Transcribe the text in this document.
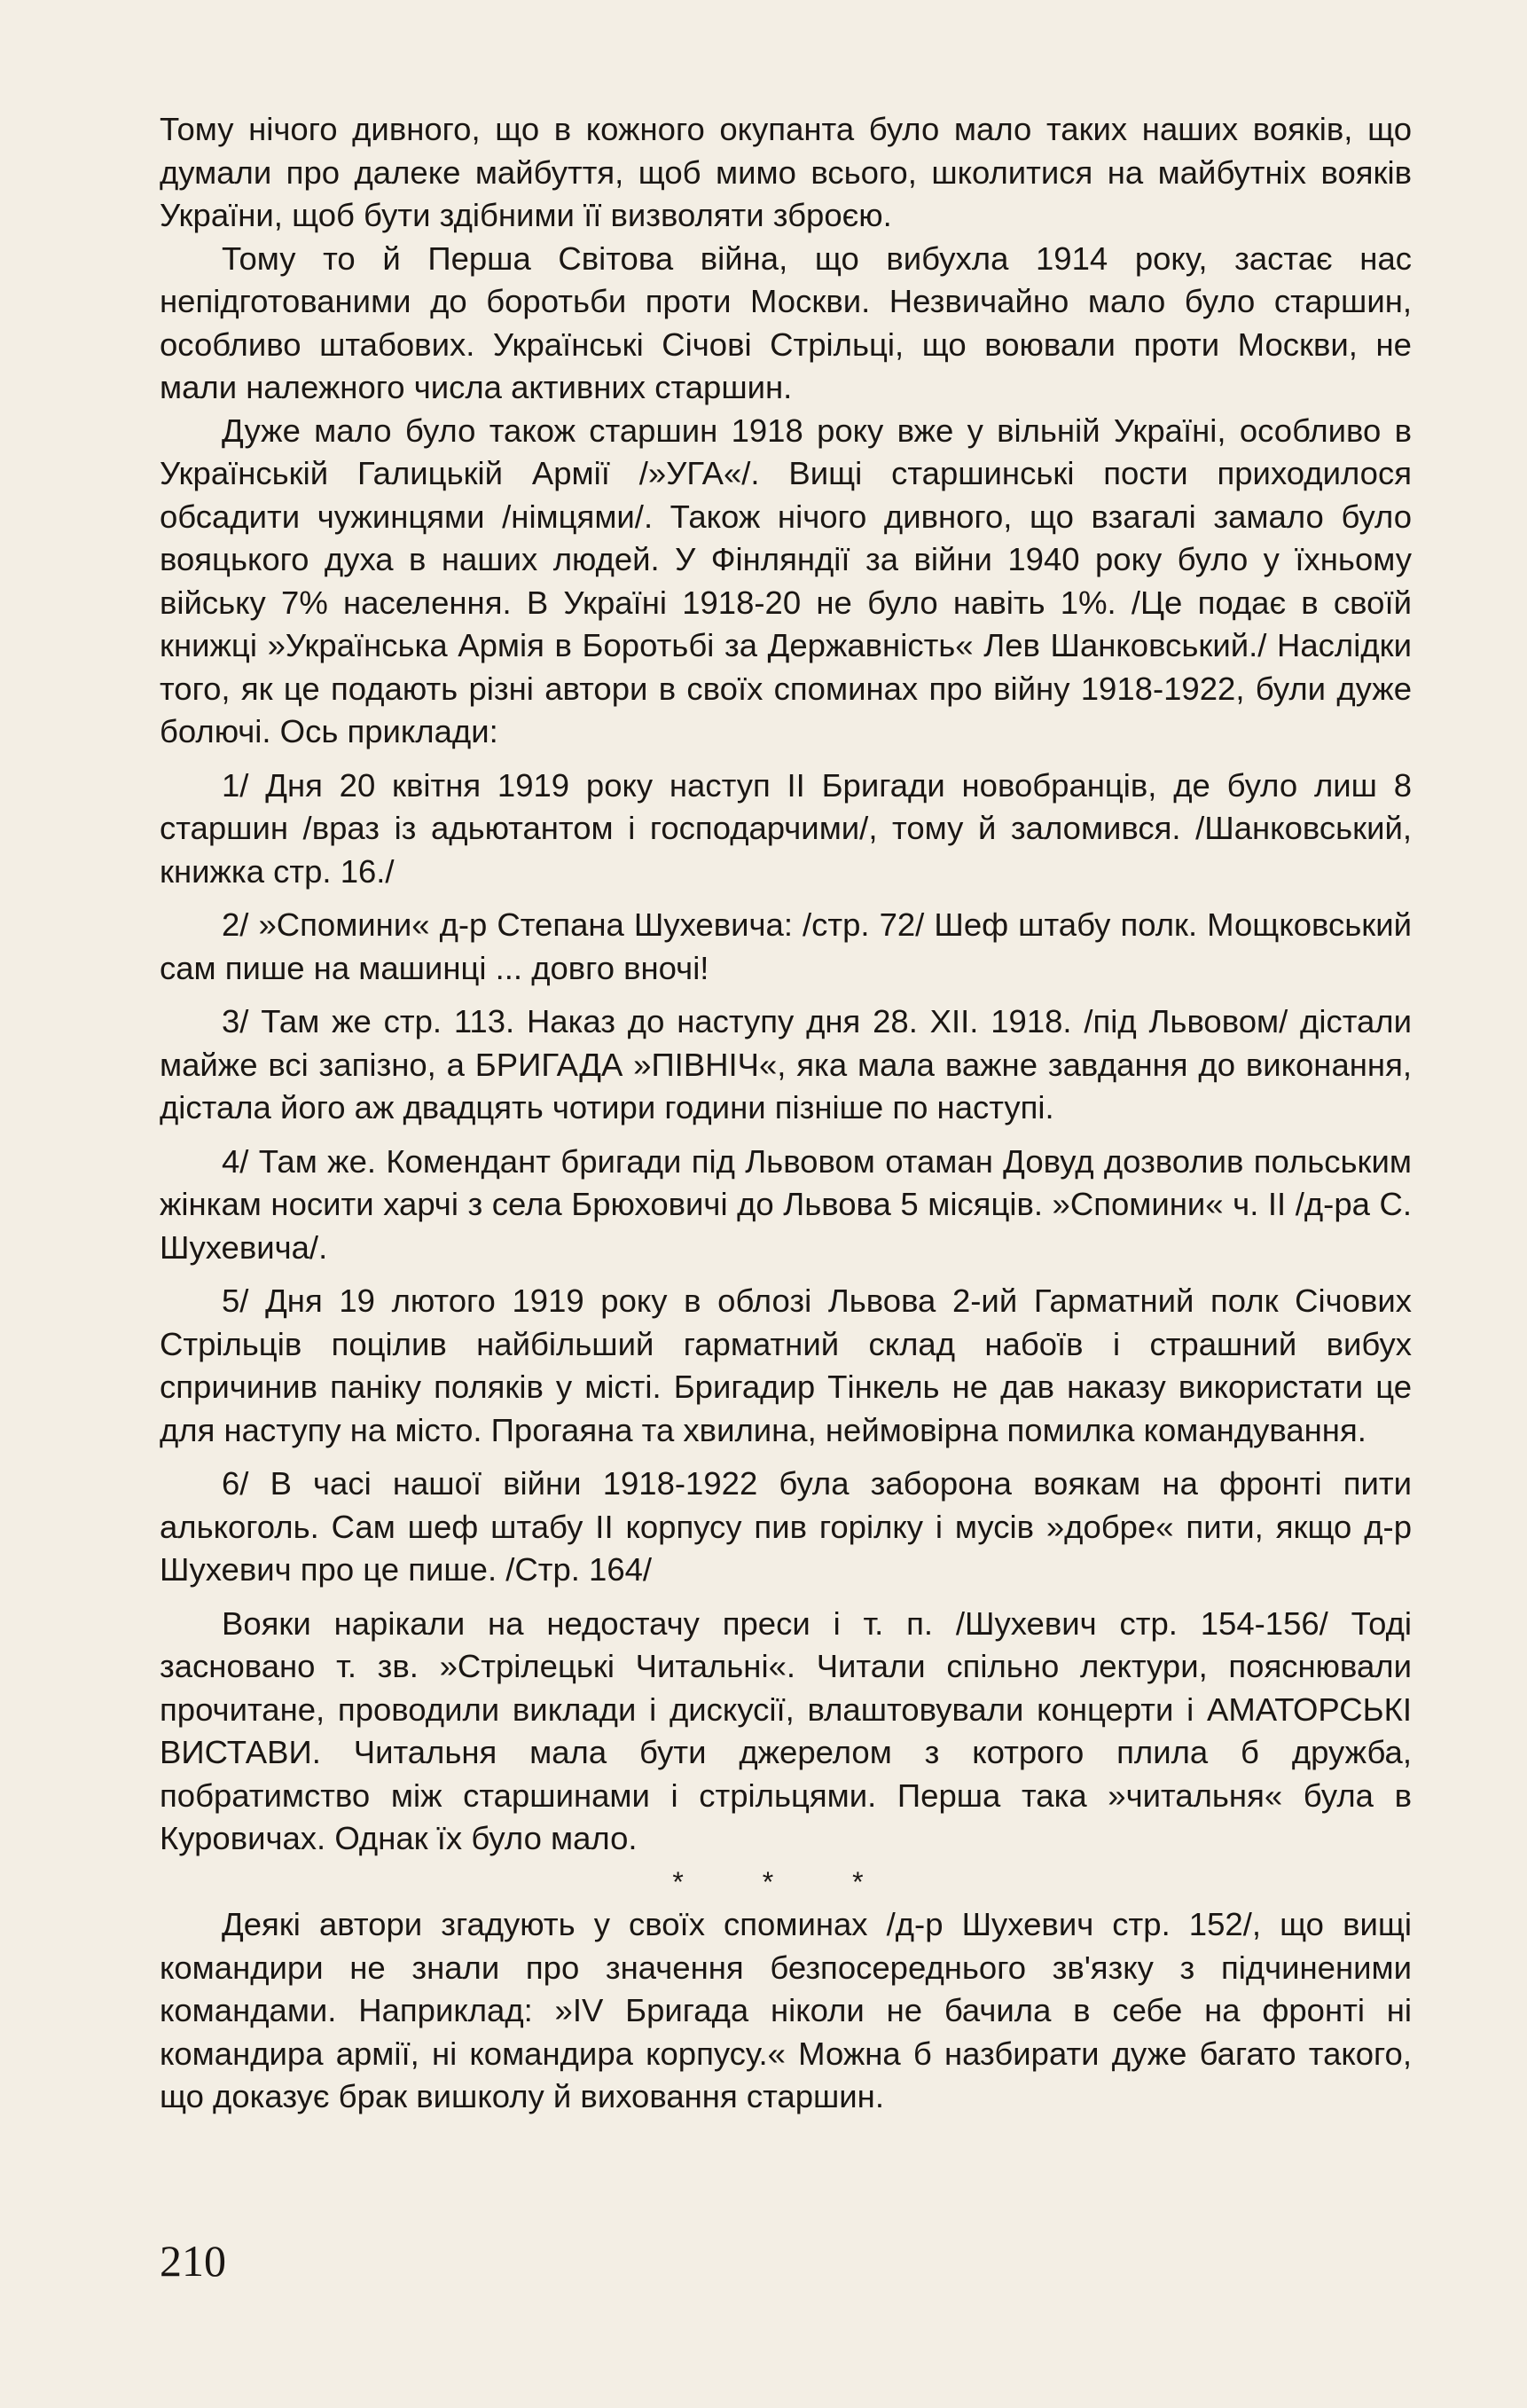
Тому нічого дивного, що в кожного окупанта було мало таких наших вояків, що думали про далеке майбуття, щоб мимо всього, школитися на майбутніх вояків України, щоб бути здібними її визволяти зброєю.

Тому то й Перша Світова війна, що вибухла 1914 року, застає нас непідготованими до боротьби проти Москви. Незвичайно мало було старшин, особливо штабових. Українські Січові Стрільці, що воювали проти Москви, не мали належного числа активних старшин.

Дуже мало було також старшин 1918 року вже у вільній Україні, особливо в Українській Галицькій Армії /»УГА«/. Вищі старшинські пости приходилося обсадити чужинцями /німцями/. Також нічого дивного, що взагалі замало було вояцького духа в наших людей. У Фінляндії за війни 1940 року було у їхньому війську 7% населення. В Україні 1918-20 не було навіть 1%. /Це подає в своїй книжці »Українська Армія в Боротьбі за Державність« Лев Шанковський./ Наслідки того, як це подають різні автори в своїх споминах про війну 1918-1922, були дуже болючі. Ось приклади:

1/ Дня 20 квітня 1919 року наступ ІІ Бригади новобранців, де було лиш 8 старшин /враз із адьютантом і господарчими/, тому й заломився. /Шанковський, книжка стр. 16./

2/ »Спомини« д-р Степана Шухевича: /стр. 72/ Шеф штабу полк. Мощковський сам пише на машинці ... довго вночі!

3/ Там же стр. 113. Наказ до наступу дня 28. XII. 1918. /під Львовом/ дістали майже всі запізно, а БРИГАДА »ПІВНІЧ«, яка мала важне завдання до виконання, дістала його аж двадцять чотири години пізніше по наступі.

4/ Там же. Комендант бригади під Львовом отаман Довуд дозволив польським жінкам носити харчі з села Брюховичі до Львова 5 місяців. »Спомини« ч. ІІ /д-ра С. Шухевича/.

5/ Дня 19 лютого 1919 року в облозі Львова 2-ий Гарматний полк Січових Стрільців поцілив найбільший гарматний склад набоїв і страшний вибух спричинив паніку поляків у місті. Бригадир Тінкель не дав наказу використати це для наступу на місто. Прогаяна та хвилина, неймовірна помилка командування.

6/ В часі нашої війни 1918-1922 була заборона воякам на фронті пити алькоголь. Сам шеф штабу ІІ корпусу пив горілку і мусів »добре« пити, якщо д-р Шухевич про це пише. /Стр. 164/

Вояки нарікали на недостачу преси і т. п. /Шухевич стр. 154-156/ Тоді засновано т. зв. »Стрілецькі Читальні«. Читали спільно лектури, пояснювали прочитане, проводили виклади і дискусії, влаштовували концерти і АМАТОРСЬКІ ВИСТАВИ. Читальня мала бути джерелом з котрого плила б дружба, побратимство між старшинами і стрільцями. Перша така »читальня« була в Куровичах. Однак їх було мало.

* * *

Деякі автори згадують у своїх споминах /д-р Шухевич стр. 152/, що вищі командири не знали про значення безпосереднього зв'язку з підчиненими командами. Наприклад: »IV Бригада ніколи не бачила в себе на фронті ні командира армії, ні командира корпусу.« Можна б назбирати дуже багато такого, що доказує брак вишколу й виховання старшин.

210
